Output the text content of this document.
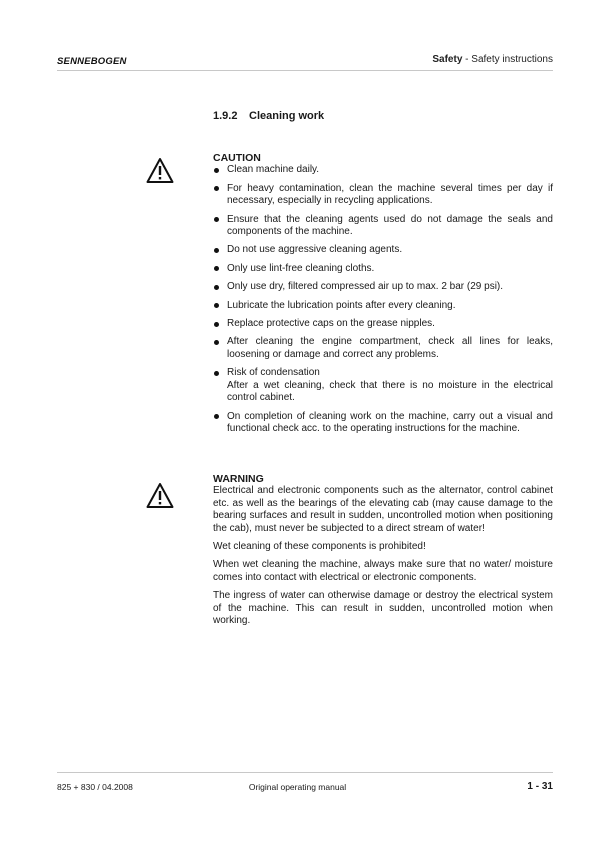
SENNEBOGEN	Safety - Safety instructions
1.9.2 Cleaning work
CAUTION
Clean machine daily.
For heavy contamination, clean the machine several times per day if necessary, especially in recycling applications.
Ensure that the cleaning agents used do not damage the seals and components of the machine.
Do not use aggressive cleaning agents.
Only use lint-free cleaning cloths.
Only use dry, filtered compressed air up to max. 2 bar (29 psi).
Lubricate the lubrication points after every cleaning.
Replace protective caps on the grease nipples.
After cleaning the engine compartment, check all lines for leaks, loosening or damage and correct any problems.
Risk of condensation
After a wet cleaning, check that there is no moisture in the electrical control cabinet.
On completion of cleaning work on the machine, carry out a visual and functional check acc. to the operating instructions for the machine.
WARNING

Electrical and electronic components such as the alternator, control cabinet etc. as well as the bearings of the elevating cab (may cause damage to the bearing surfaces and result in sudden, uncontrolled motion when positioning the cab), must never be subjected to a direct stream of water!

Wet cleaning of these components is prohibited!

When wet cleaning the machine, always make sure that no water/ moisture comes into contact with electrical or electronic components.

The ingress of water can otherwise damage or destroy the electrical system of the machine. This can result in sudden, uncontrolled motion when working.

825 + 830 / 04.2008	Original operating manual	1 - 31
